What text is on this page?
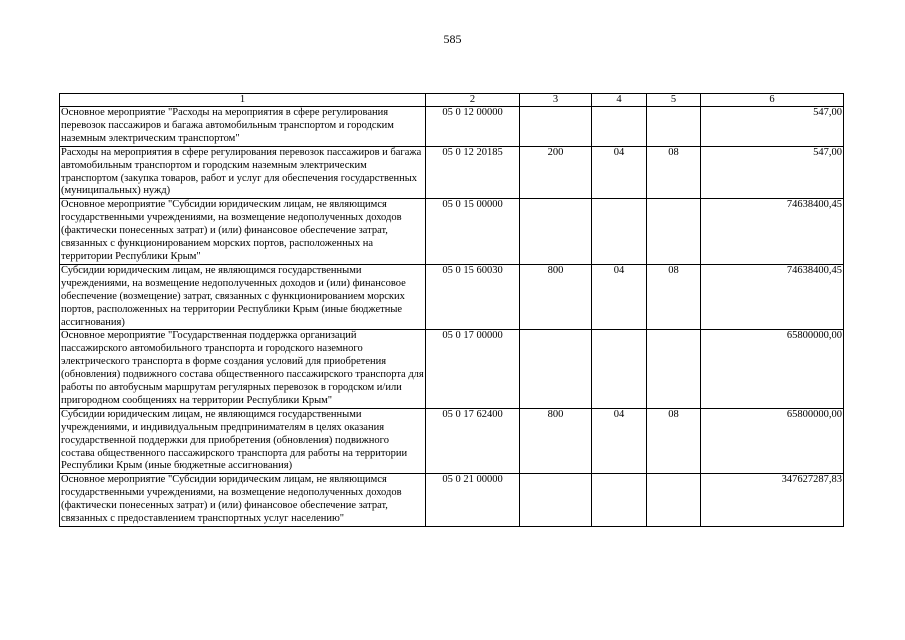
585
1	2	3	4	5	6
Основное мероприятие "Расходы на мероприятия в сфере регулирования перевозок пассажиров и багажа автомобильным транспортом и городским наземным электрическим транспортом"	05 0 12 00000				547,00
Расходы на мероприятия в сфере регулирования перевозок пассажиров и багажа автомобильным транспортом и городским наземным электрическим транспортом (закупка товаров, работ и услуг для обеспечения государственных (муниципальных) нужд)	05 0 12 20185	200	04	08	547,00
Основное мероприятие "Субсидии юридическим лицам, не являющимся государственными учреждениями, на возмещение недополученных доходов (фактически понесенных затрат) и (или) финансовое обеспечение затрат, связанных с функционированием морских портов, расположенных на территории Республики Крым"	05 0 15 00000				74638400,45
Субсидии юридическим лицам, не являющимся государственными учреждениями, на возмещение недополученных доходов и (или) финансовое обеспечение (возмещение) затрат, связанных с функционированием морских портов, расположенных на территории Республики Крым (иные бюджетные ассигнования)	05 0 15 60030	800	04	08	74638400,45
Основное мероприятие "Государственная поддержка организаций пассажирского автомобильного транспорта и городского наземного электрического транспорта в форме создания условий для приобретения (обновления) подвижного состава общественного пассажирского транспорта для работы по автобусным маршрутам регулярных перевозок в городском и/или пригородном сообщениях на территории Республики Крым"	05 0 17 00000				65800000,00
Субсидии юридическим лицам, не являющимся государственными учреждениями, и индивидуальным предпринимателям в целях оказания государственной поддержки для приобретения (обновления) подвижного состава общественного пассажирского транспорта для работы на территории Республики Крым (иные бюджетные ассигнования)	05 0 17 62400	800	04	08	65800000,00
Основное мероприятие "Субсидии юридическим лицам, не являющимся государственными учреждениями, на возмещение недополученных доходов (фактически понесенных затрат) и (или) финансовое обеспечение затрат, связанных с предоставлением транспортных услуг населению"	05 0 21 00000				347627287,83
